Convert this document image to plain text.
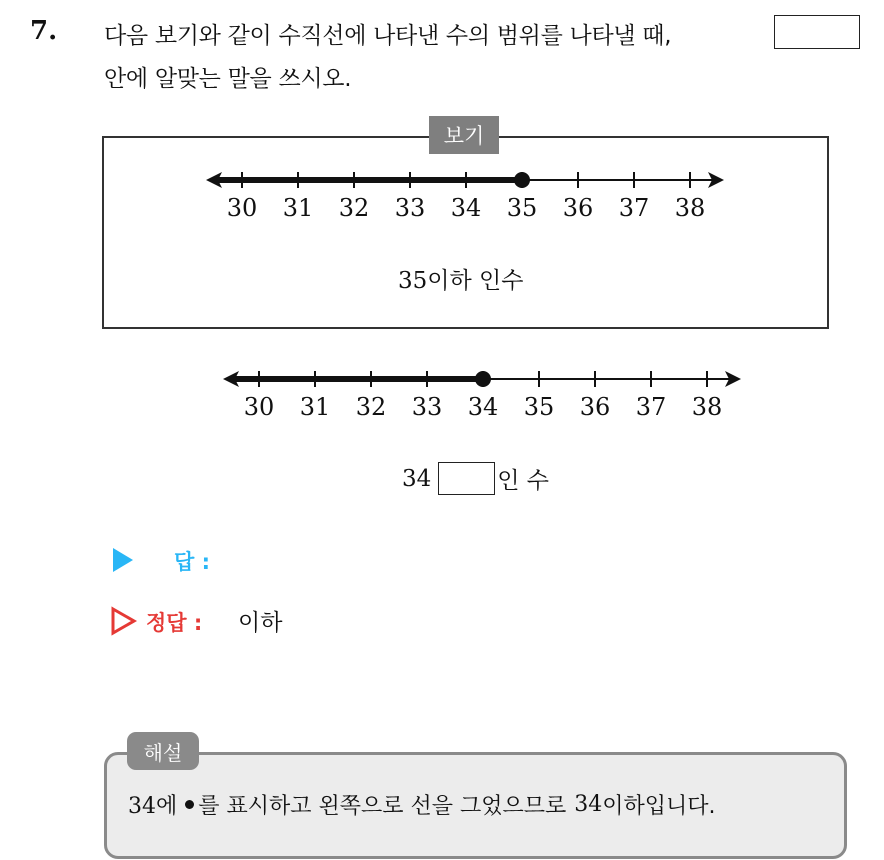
7. 다음 보기와 같이 수직선에 나타낸 수의 범위를 나타낼 때,
안에 알맞는 말을 쓰시오.
보기
30 31 32 33 34 35 36 37 38
35이하 인수
30 31 32 33 34 35 36 37 38
34	인 수
답 :
정답 : 이하
해설
34에 를 표시하고 왼쪽으로 선을 그었으므로 34 이하입니다.
